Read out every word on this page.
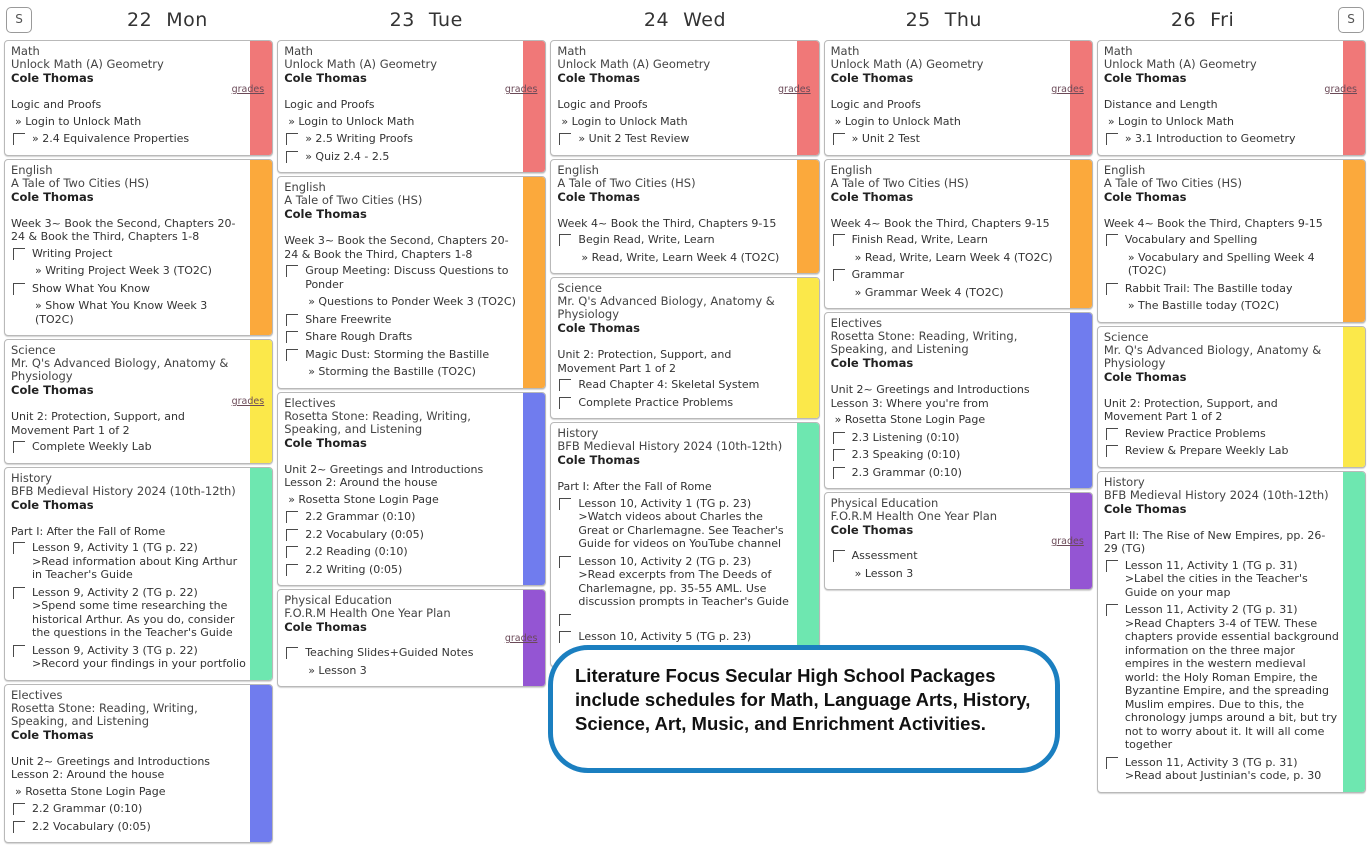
S	22 Mon	23 Tue	24 Wed	25 Thu	26 Fri	S
Math
Unlock Math (A) Geometry
Cole Thomas
grades
Logic and Proofs
» Login to Unlock Math
» 2.4 Equivalence Properties
English
A Tale of Two Cities (HS)
Cole Thomas
Week 3~ Book the Second, Chapters 20-24 & Book the Third, Chapters 1-8
Writing Project
» Writing Project Week 3 (TO2C)
Show What You Know
» Show What You Know Week 3 (TO2C)
Science
Mr. Q's Advanced Biology, Anatomy & Physiology
Cole Thomas
grades
Unit 2: Protection, Support, and Movement Part 1 of 2
Complete Weekly Lab
History
BFB Medieval History 2024 (10th-12th)
Cole Thomas
Part I: After the Fall of Rome
Lesson 9, Activity 1 (TG p. 22)
>Read information about King Arthur in Teacher's Guide
Lesson 9, Activity 2 (TG p. 22)
>Spend some time researching the historical Arthur. As you do, consider the questions in the Teacher's Guide
Lesson 9, Activity 3 (TG p. 22)
>Record your findings in your portfolio
Electives
Rosetta Stone: Reading, Writing, Speaking, and Listening
Cole Thomas
Unit 2~ Greetings and Introductions
Lesson 2: Around the house
» Rosetta Stone Login Page
2.2 Grammar (0:10)
2.2 Vocabulary (0:05)
Math
Unlock Math (A) Geometry
Cole Thomas
grades
Logic and Proofs
» Login to Unlock Math
» 2.5 Writing Proofs
» Quiz 2.4 - 2.5
English
A Tale of Two Cities (HS)
Cole Thomas
Week 3~ Book the Second, Chapters 20-24 & Book the Third, Chapters 1-8
Group Meeting: Discuss Questions to Ponder
» Questions to Ponder Week 3 (TO2C)
Share Freewrite
Share Rough Drafts
Magic Dust: Storming the Bastille
» Storming the Bastille (TO2C)
Electives
Rosetta Stone: Reading, Writing, Speaking, and Listening
Cole Thomas
Unit 2~ Greetings and Introductions
Lesson 2: Around the house
» Rosetta Stone Login Page
2.2 Grammar (0:10)
2.2 Vocabulary (0:05)
2.2 Reading (0:10)
2.2 Writing (0:05)
Physical Education
F.O.R.M Health One Year Plan
Cole Thomas
grades
Teaching Slides+Guided Notes
» Lesson 3
Math
Unlock Math (A) Geometry
Cole Thomas
grades
Logic and Proofs
» Login to Unlock Math
» Unit 2 Test Review
English
A Tale of Two Cities (HS)
Cole Thomas
Week 4~ Book the Third, Chapters 9-15
Begin Read, Write, Learn
» Read, Write, Learn Week 4 (TO2C)
Science
Mr. Q's Advanced Biology, Anatomy & Physiology
Cole Thomas
Unit 2: Protection, Support, and Movement Part 1 of 2
Read Chapter 4: Skeletal System
Complete Practice Problems
History
BFB Medieval History 2024 (10th-12th)
Cole Thomas
Part I: After the Fall of Rome
Lesson 10, Activity 1 (TG p. 23)
>Watch videos about Charles the Great or Charlemagne. See Teacher's Guide for videos on YouTube channel
Lesson 10, Activity 2 (TG p. 23)
>Read excerpts from The Deeds of Charlemagne, pp. 35-55 AML. Use discussion prompts in Teacher's Guide
Lesson 10, Activity 5 (TG p. 23)
Math
Unlock Math (A) Geometry
Cole Thomas
grades
Logic and Proofs
» Login to Unlock Math
» Unit 2 Test
English
A Tale of Two Cities (HS)
Cole Thomas
Week 4~ Book the Third, Chapters 9-15
Finish Read, Write, Learn
» Read, Write, Learn Week 4 (TO2C)
Grammar
» Grammar Week 4 (TO2C)
Electives
Rosetta Stone: Reading, Writing, Speaking, and Listening
Cole Thomas
Unit 2~ Greetings and Introductions
Lesson 3: Where you're from
» Rosetta Stone Login Page
2.3 Listening (0:10)
2.3 Speaking (0:10)
2.3 Grammar (0:10)
Physical Education
F.O.R.M Health One Year Plan
Cole Thomas
grades
Assessment
» Lesson 3
Math
Unlock Math (A) Geometry
Cole Thomas
grades
Distance and Length
» Login to Unlock Math
» 3.1 Introduction to Geometry
English
A Tale of Two Cities (HS)
Cole Thomas
Week 4~ Book the Third, Chapters 9-15
Vocabulary and Spelling
» Vocabulary and Spelling Week 4 (TO2C)
Rabbit Trail: The Bastille today
» The Bastille today (TO2C)
Science
Mr. Q's Advanced Biology, Anatomy & Physiology
Cole Thomas
Unit 2: Protection, Support, and Movement Part 1 of 2
Review Practice Problems
Review & Prepare Weekly Lab
History
BFB Medieval History 2024 (10th-12th)
Cole Thomas
Part II: The Rise of New Empires, pp. 26-29 (TG)
Lesson 11, Activity 1 (TG p. 31)
>Label the cities in the Teacher's Guide on your map
Lesson 11, Activity 2 (TG p. 31)
>Read Chapters 3-4 of TEW. These chapters provide essential background information on the three major empires in the western medieval world: the Holy Roman Empire, the Byzantine Empire, and the spreading Muslim empires. Due to this, the chronology jumps around a bit, but try not to worry about it. It will all come together
Lesson 11, Activity 3 (TG p. 31)
>Read about Justinian's code, p. 30
Literature Focus Secular High School Packages include schedules for Math, Language Arts, History, Science, Art, Music, and Enrichment Activities.
